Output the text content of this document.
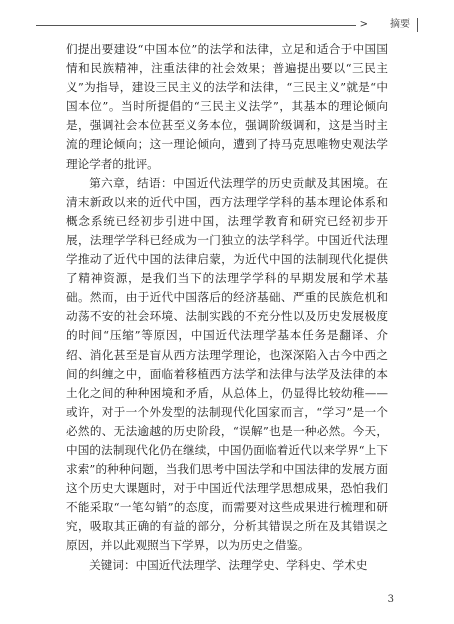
> 摘要

们提出要建设“中国本位”的法学和法律，立足和适合于中国国情和民族精神，注重法律的社会效果；普遍提出要以“三民主义”为指导，建设三民主义的法学和法律，“三民主义”就是“中国本位”。当时所提倡的“三民主义法学”，其基本的理论倾向是，强调社会本位甚至义务本位，强调阶级调和，这是当时主流的理论倾向；这一理论倾向，遭到了持马克思唯物史观法学理论学者的批评。

第六章，结语：中国近代法理学的历史贡献及其困境。在清末新政以来的近代中国，西方法理学学科的基本理论体系和概念系统已经初步引进中国，法理学教育和研究已经初步开展，法理学学科已经成为一门独立的法学科学。中国近代法理学推动了近代中国的法律启蒙，为近代中国的法制现代化提供了精神资源，是我们当下的法理学学科的早期发展和学术基础。然而，由于近代中国落后的经济基础、严重的民族危机和动荡不安的社会环境、法制实践的不充分性以及历史发展极度的时间“压缩”等原因，中国近代法理学基本任务是翻译、介绍、消化甚至是盲从西方法理学理论，也深深陷入古今中西之间的纠缠之中，面临着移植西方法学和法律与法学及法律的本土化之间的种种困境和矛盾，从总体上，仍显得比较幼稚——或许，对于一个外发型的法制现代化国家而言，“学习”是一个必然的、无法逾越的历史阶段，“误解”也是一种必然。今天，中国的法制现代化仍在继续，中国仍面临着近代以来学界“上下求索”的种种问题，当我们思考中国法学和中国法律的发展方面这个历史大课题时，对于中国近代法理学思想成果，恐怕我们不能采取“一笔勾销”的态度，而需要对这些成果进行梳理和研究，吸取其正确的有益的部分，分析其错误之所在及其错误之原因，并以此观照当下学界，以为历史之借鉴。

关键词：中国近代法理学、法理学史、学科史、学术史

3
